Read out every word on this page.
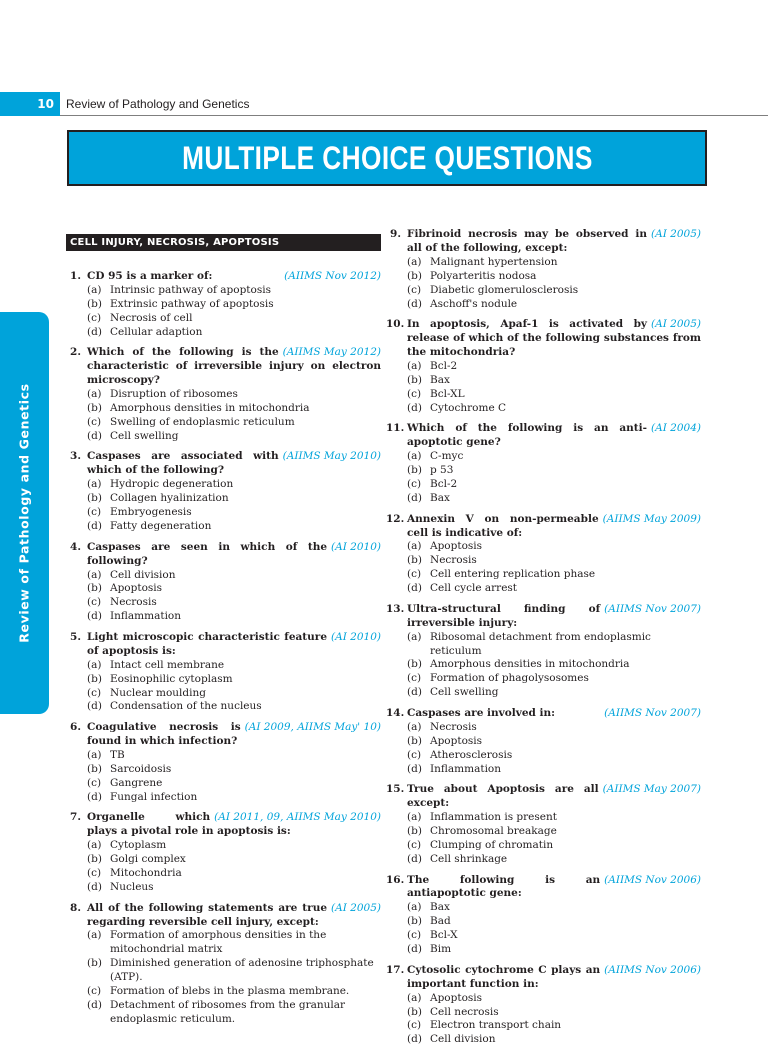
10	Review of Pathology and Genetics
MULTIPLE CHOICE QUESTIONS
Review of Pathology and Genetics
CELL INJURY, NECROSIS, APOPTOSIS
1.	(AIIMS Nov 2012)
CD 95 is a marker of:
(a) Intrinsic pathway of apoptosis
(b) Extrinsic pathway of apoptosis
(c) Necrosis of cell
(d) Cellular adaption
2.	(AIIMS May 2012)
Which of the following is the characteristic of irreversible injury on electron microscopy?
(a) Disruption of ribosomes
(b) Amorphous densities in mitochondria
(c) Swelling of endoplasmic reticulum
(d) Cell swelling
3.	(AIIMS May 2010)
Caspases are associated with which of the following?
(a) Hydropic degeneration
(b) Collagen hyalinization
(c) Embryogenesis
(d) Fatty degeneration
4.	(AI 2010)
Caspases are seen in which of the following?
(a) Cell division
(b) Apoptosis
(c) Necrosis
(d) Inflammation
5.	(AI 2010)
Light microscopic characteristic feature of apoptosis is:
(a) Intact cell membrane
(b) Eosinophilic cytoplasm
(c) Nuclear moulding
(d) Condensation of the nucleus
6.	(AI 2009, AIIMS May' 10)
Coagulative necrosis is found in which infection?
(a) TB
(b) Sarcoidosis
(c) Gangrene
(d) Fungal infection
7.	(AI 2011, 09, AIIMS May 2010)
Organelle which plays a pivotal role in apoptosis is:
(a) Cytoplasm
(b) Golgi complex
(c) Mitochondria
(d) Nucleus
8.	(AI 2005)
All of the following statements are true regarding reversible cell injury, except:
(a) Formation of amorphous densities in the mitochondrial matrix
(b) Diminished generation of adenosine triphosphate (ATP).
(c) Formation of blebs in the plasma membrane.
(d) Detachment of ribosomes from the granular endoplasmic reticulum.
9.	(AI 2005)
Fibrinoid necrosis may be observed in all of the following, except:
(a) Malignant hypertension
(b) Polyarteritis nodosa
(c) Diabetic glomerulosclerosis
(d) Aschoff's nodule
10.	(AI 2005)
In apoptosis, Apaf-1 is activated by release of which of the following substances from the mitochondria?
(a) Bcl-2
(b) Bax
(c) Bcl-XL
(d) Cytochrome C
11.	(AI 2004)
Which of the following is an anti-apoptotic gene?
(a) C-myc
(b) p 53
(c) Bcl-2
(d) Bax
12.	(AIIMS May 2009)
Annexin V on non-permeable cell is indicative of:
(a) Apoptosis
(b) Necrosis
(c) Cell entering replication phase
(d) Cell cycle arrest
13.	(AIIMS Nov 2007)
Ultra-structural finding of irreversible injury:
(a) Ribosomal detachment from endoplasmic reticulum
(b) Amorphous densities in mitochondria
(c) Formation of phagolysosomes
(d) Cell swelling
14.	(AIIMS Nov 2007)
Caspases are involved in:
(a) Necrosis
(b) Apoptosis
(c) Atherosclerosis
(d) Inflammation
15.	(AIIMS May 2007)
True about Apoptosis are all except:
(a) Inflammation is present
(b) Chromosomal breakage
(c) Clumping of chromatin
(d) Cell shrinkage
16.	(AIIMS Nov 2006)
The following is an antiapoptotic gene:
(a) Bax
(b) Bad
(c) Bcl-X
(d) Bim
17.	(AIIMS Nov 2006)
Cytosolic cytochrome C plays an important function in:
(a) Apoptosis
(b) Cell necrosis
(c) Electron transport chain
(d) Cell division
